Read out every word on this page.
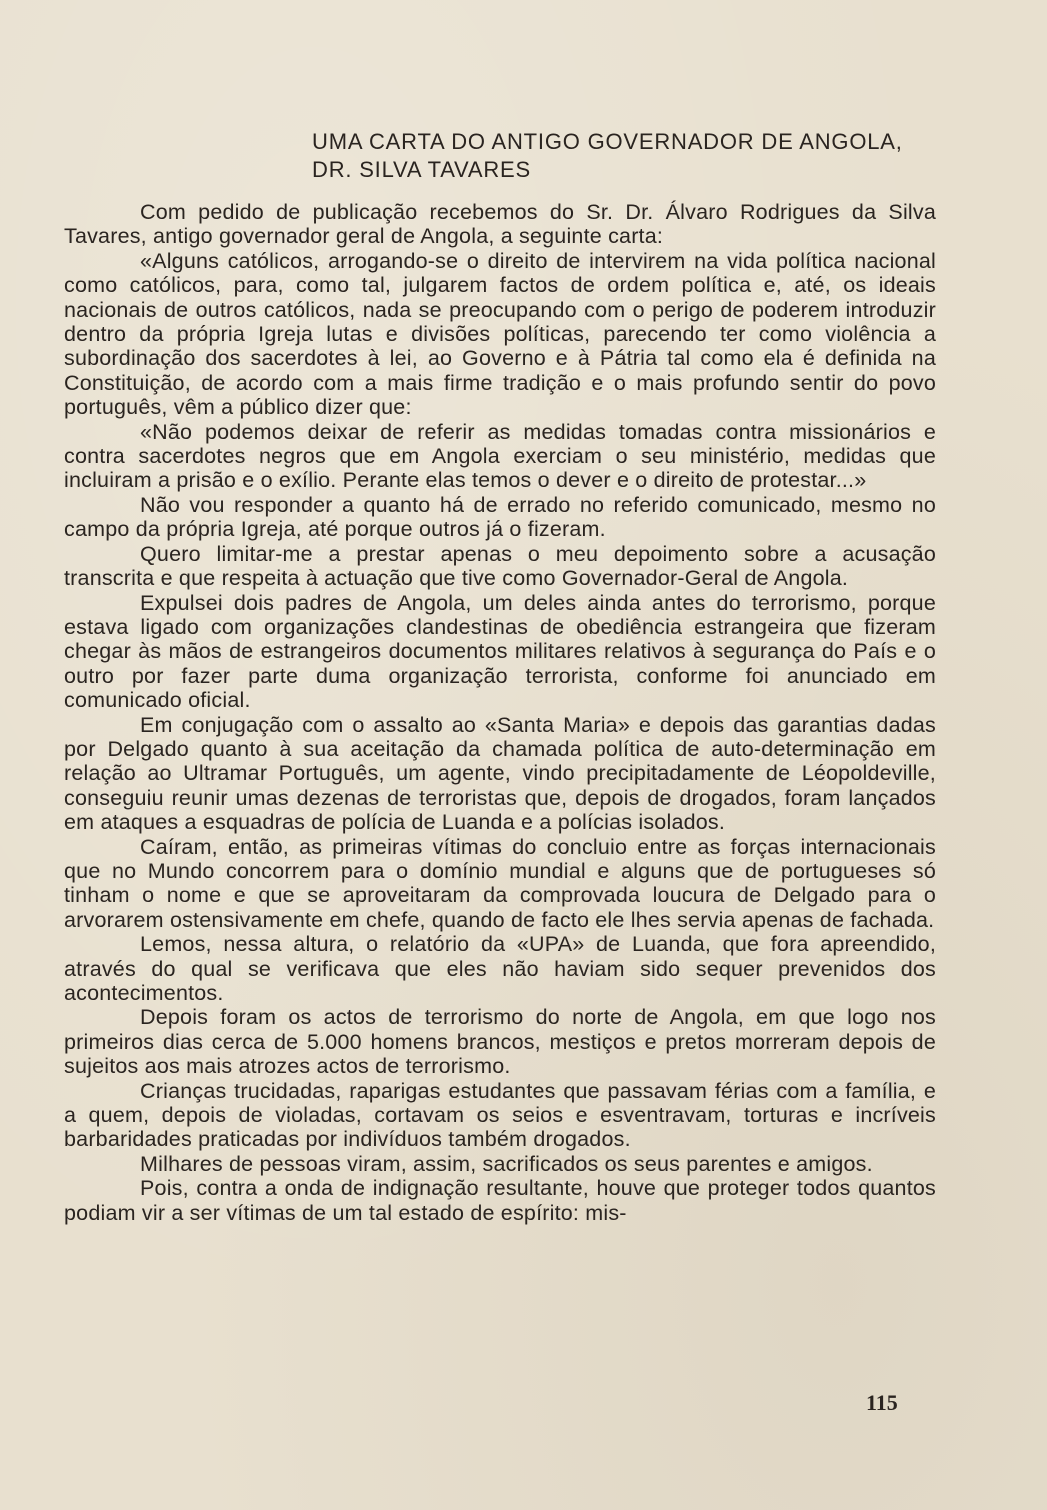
UMA CARTA DO ANTIGO GOVERNADOR DE ANGOLA,
DR. SILVA TAVARES

Com pedido de publicação recebemos do Sr. Dr. Álvaro Rodrigues da Silva Tavares, antigo governador geral de Angola, a seguinte carta:

«Alguns católicos, arrogando-se o direito de intervirem na vida política nacional como católicos, para, como tal, julgarem factos de ordem política e, até, os ideais nacionais de outros católicos, nada se preocupando com o perigo de poderem introduzir dentro da própria Igreja lutas e divisões políticas, parecendo ter como violência a subordinação dos sacerdotes à lei, ao Governo e à Pátria tal como ela é definida na Constituição, de acordo com a mais firme tradição e o mais profundo sentir do povo português, vêm a público dizer que:

«Não podemos deixar de referir as medidas tomadas contra missionários e contra sacerdotes negros que em Angola exerciam o seu ministério, medidas que incluiram a prisão e o exílio. Perante elas temos o dever e o direito de protestar...»

Não vou responder a quanto há de errado no referido comunicado, mesmo no campo da própria Igreja, até porque outros já o fizeram.

Quero limitar-me a prestar apenas o meu depoimento sobre a acusação transcrita e que respeita à actuação que tive como Governador-Geral de Angola.

Expulsei dois padres de Angola, um deles ainda antes do terrorismo, porque estava ligado com organizações clandestinas de obediência estrangeira que fizeram chegar às mãos de estrangeiros documentos militares relativos à segurança do País e o outro por fazer parte duma organização terrorista, conforme foi anunciado em comunicado oficial.

Em conjugação com o assalto ao «Santa Maria» e depois das garantias dadas por Delgado quanto à sua aceitação da chamada política de auto-determinação em relação ao Ultramar Português, um agente, vindo precipitadamente de Léopoldeville, conseguiu reunir umas dezenas de terroristas que, depois de drogados, foram lançados em ataques a esquadras de polícia de Luanda e a polícias isolados.

Caíram, então, as primeiras vítimas do concluio entre as forças internacionais que no Mundo concorrem para o domínio mundial e alguns que de portugueses só tinham o nome e que se aproveitaram da comprovada loucura de Delgado para o arvorarem ostensivamente em chefe, quando de facto ele lhes servia apenas de fachada.

Lemos, nessa altura, o relatório da «UPA» de Luanda, que fora apreendido, através do qual se verificava que eles não haviam sido sequer prevenidos dos acontecimentos.

Depois foram os actos de terrorismo do norte de Angola, em que logo nos primeiros dias cerca de 5.000 homens brancos, mestiços e pretos morreram depois de sujeitos aos mais atrozes actos de terrorismo.

Crianças trucidadas, raparigas estudantes que passavam férias com a família, e a quem, depois de violadas, cortavam os seios e esventravam, torturas e incríveis barbaridades praticadas por indivíduos também drogados.

Milhares de pessoas viram, assim, sacrificados os seus parentes e amigos.

Pois, contra a onda de indignação resultante, houve que proteger todos quantos podiam vir a ser vítimas de um tal estado de espírito: mis-

115
